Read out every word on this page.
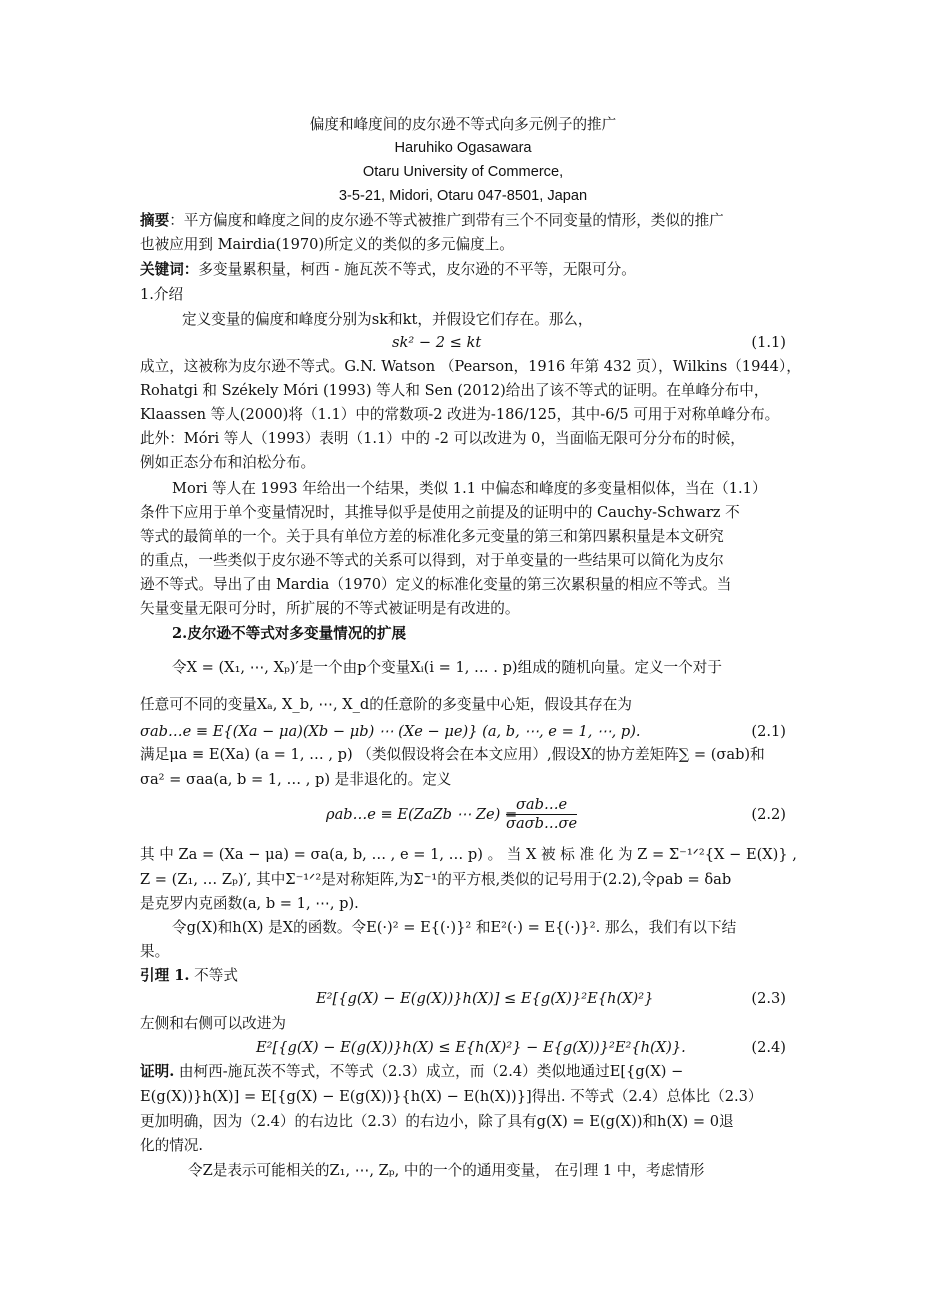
偏度和峰度间的皮尔逊不等式向多元例子的推广
Haruhiko Ogasawara
Otaru University of Commerce,
3-5-21, Midori, Otaru 047-8501, Japan
摘要：平方偏度和峰度之间的皮尔逊不等式被推广到带有三个不同变量的情形，类似的推广
也被应用到 Mairdia(1970)所定义的类似的多元偏度上。
关键词：多变量累积量，柯西 - 施瓦茨不等式，皮尔逊的不平等，无限可分。
1.介绍
定义变量的偏度和峰度分别为sk和kt，并假设它们存在。那么，
sk² − 2 ≤ kt	(1.1)
成立，这被称为皮尔逊不等式。G.N. Watson （Pearson，1916 年第 432 页），Wilkins（1944），
Rohatgi 和 Székely Móri (1993) 等人和 Sen (2012)给出了该不等式的证明。在单峰分布中，
Klaassen 等人(2000)将（1.1）中的常数项-2 改进为-186/125，其中-6/5 可用于对称单峰分布。
此外：Móri 等人（1993）表明（1.1）中的 -2 可以改进为 0，当面临无限可分分布的时候，
例如正态分布和泊松分布。
Mori 等人在 1993 年给出一个结果，类似 1.1 中偏态和峰度的多变量相似体，当在（1.1）
条件下应用于单个变量情况时，其推导似乎是使用之前提及的证明中的 Cauchy-Schwarz 不
等式的最简单的一个。关于具有单位方差的标准化多元变量的第三和第四累积量是本文研究
的重点，一些类似于皮尔逊不等式的关系可以得到，对于单变量的一些结果可以简化为皮尔
逊不等式。导出了由 Mardia（1970）定义的标准化变量的第三次累积量的相应不等式。当
矢量变量无限可分时，所扩展的不等式被证明是有改进的。
2.皮尔逊不等式对多变量情况的扩展
令X = (X₁, ⋯, Xₚ)′是一个由p个变量Xᵢ(i = 1, … . p)组成的随机向量。定义一个对于
任意可不同的变量Xₐ, X_b, ⋯, X_d的任意阶的多变量中心矩，假设其存在为
σab…e ≡ E{(Xa − μa)(Xb − μb) ⋯ (Xe − μe)} (a, b, ⋯, e = 1, ⋯, p).	(2.1)
满足μa ≡ E(Xa) (a = 1, … , p) （类似假设将会在本文应用）,假设X的协方差矩阵∑ = (σab)和
σa² = σaa(a, b = 1, … , p) 是非退化的。定义
ρab…e ≡ E(ZaZb ⋯ Ze) =
σab…e
σaσb…σe
(2.2)
其 中 Za = (Xa − μa) = σa(a, b, … , e = 1, … p) 。 当 X 被 标 准 化 为 Z = Σ⁻¹ᐟ²{X − E(X)} ,
Z = (Z₁, … Zₚ)′, 其中Σ⁻¹ᐟ²是对称矩阵,为Σ⁻¹的平方根,类似的记号用于(2.2),令ρab = δab
是克罗内克函数(a, b = 1, ⋯, p).
令g(X)和h(X) 是X的函数。令E(·)² = E{(·)}² 和E²(·) = E{(·)}². 那么，我们有以下结
果。
引理 1. 不等式
E²[{g(X) − E(g(X))}h(X)] ≤ E{g(X)}²E{h(X)²}	(2.3)
左侧和右侧可以改进为
E²[{g(X) − E(g(X))}h(X) ≤ E{h(X)²} − E{g(X))}²E²{h(X)}.	(2.4)
证明. 由柯西-施瓦茨不等式，不等式（2.3）成立，而（2.4）类似地通过E[{g(X) −
E(g(X))}h(X)] = E[{g(X) − E(g(X))}{h(X) − E(h(X))}]得出. 不等式（2.4）总体比（2.3）
更加明确，因为（2.4）的右边比（2.3）的右边小，除了具有g(X) = E(g(X))和h(X) = 0退
化的情况.
令Z是表示可能相关的Z₁, ⋯, Zₚ, 中的一个的通用变量， 在引理 1 中，考虑情形
